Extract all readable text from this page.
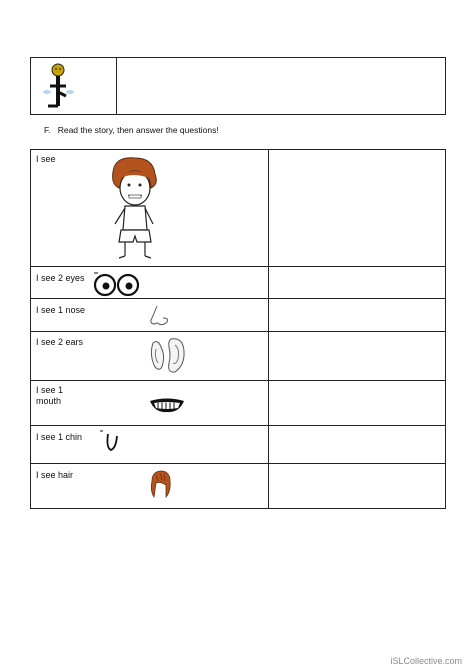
F. Read the story, then answer the questions!
I see
I see 2 eyes
I see 1 nose
I see 2 ears
I see 1
mouth
I see 1 chin
I see hair
iSLCollective.com
